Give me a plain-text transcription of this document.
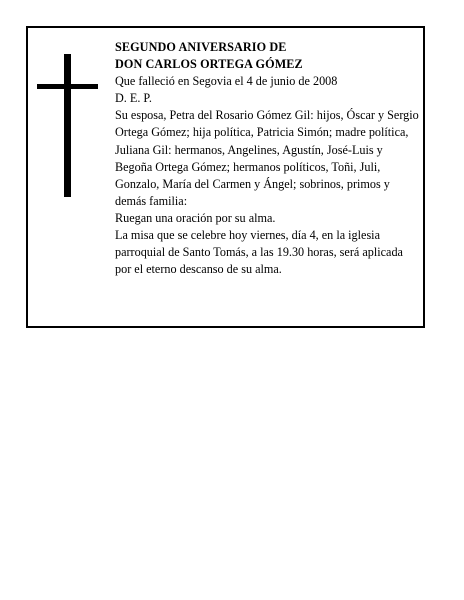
SEGUNDO ANIVERSARIO DE

DON CARLOS ORTEGA GÓMEZ

Que falleció en Segovia el 4 de junio de 2008

D. E. P.

Su esposa, Petra del Rosario Gómez Gil: hijos, Óscar y Sergio Ortega Gómez; hija política, Patricia Simón; madre política, Juliana Gil: hermanos, Angelines, Agustín, José-Luis y Begoña Ortega Gómez; hermanos políticos, Toñi, Juli, Gonzalo, María del Carmen y Ángel; sobrinos, primos y demás familia:

Ruegan una oración por su alma.

La misa que se celebre hoy viernes, día 4, en la iglesia parroquial de Santo Tomás, a las 19.30 horas, será aplicada por el eterno descanso de su alma.
